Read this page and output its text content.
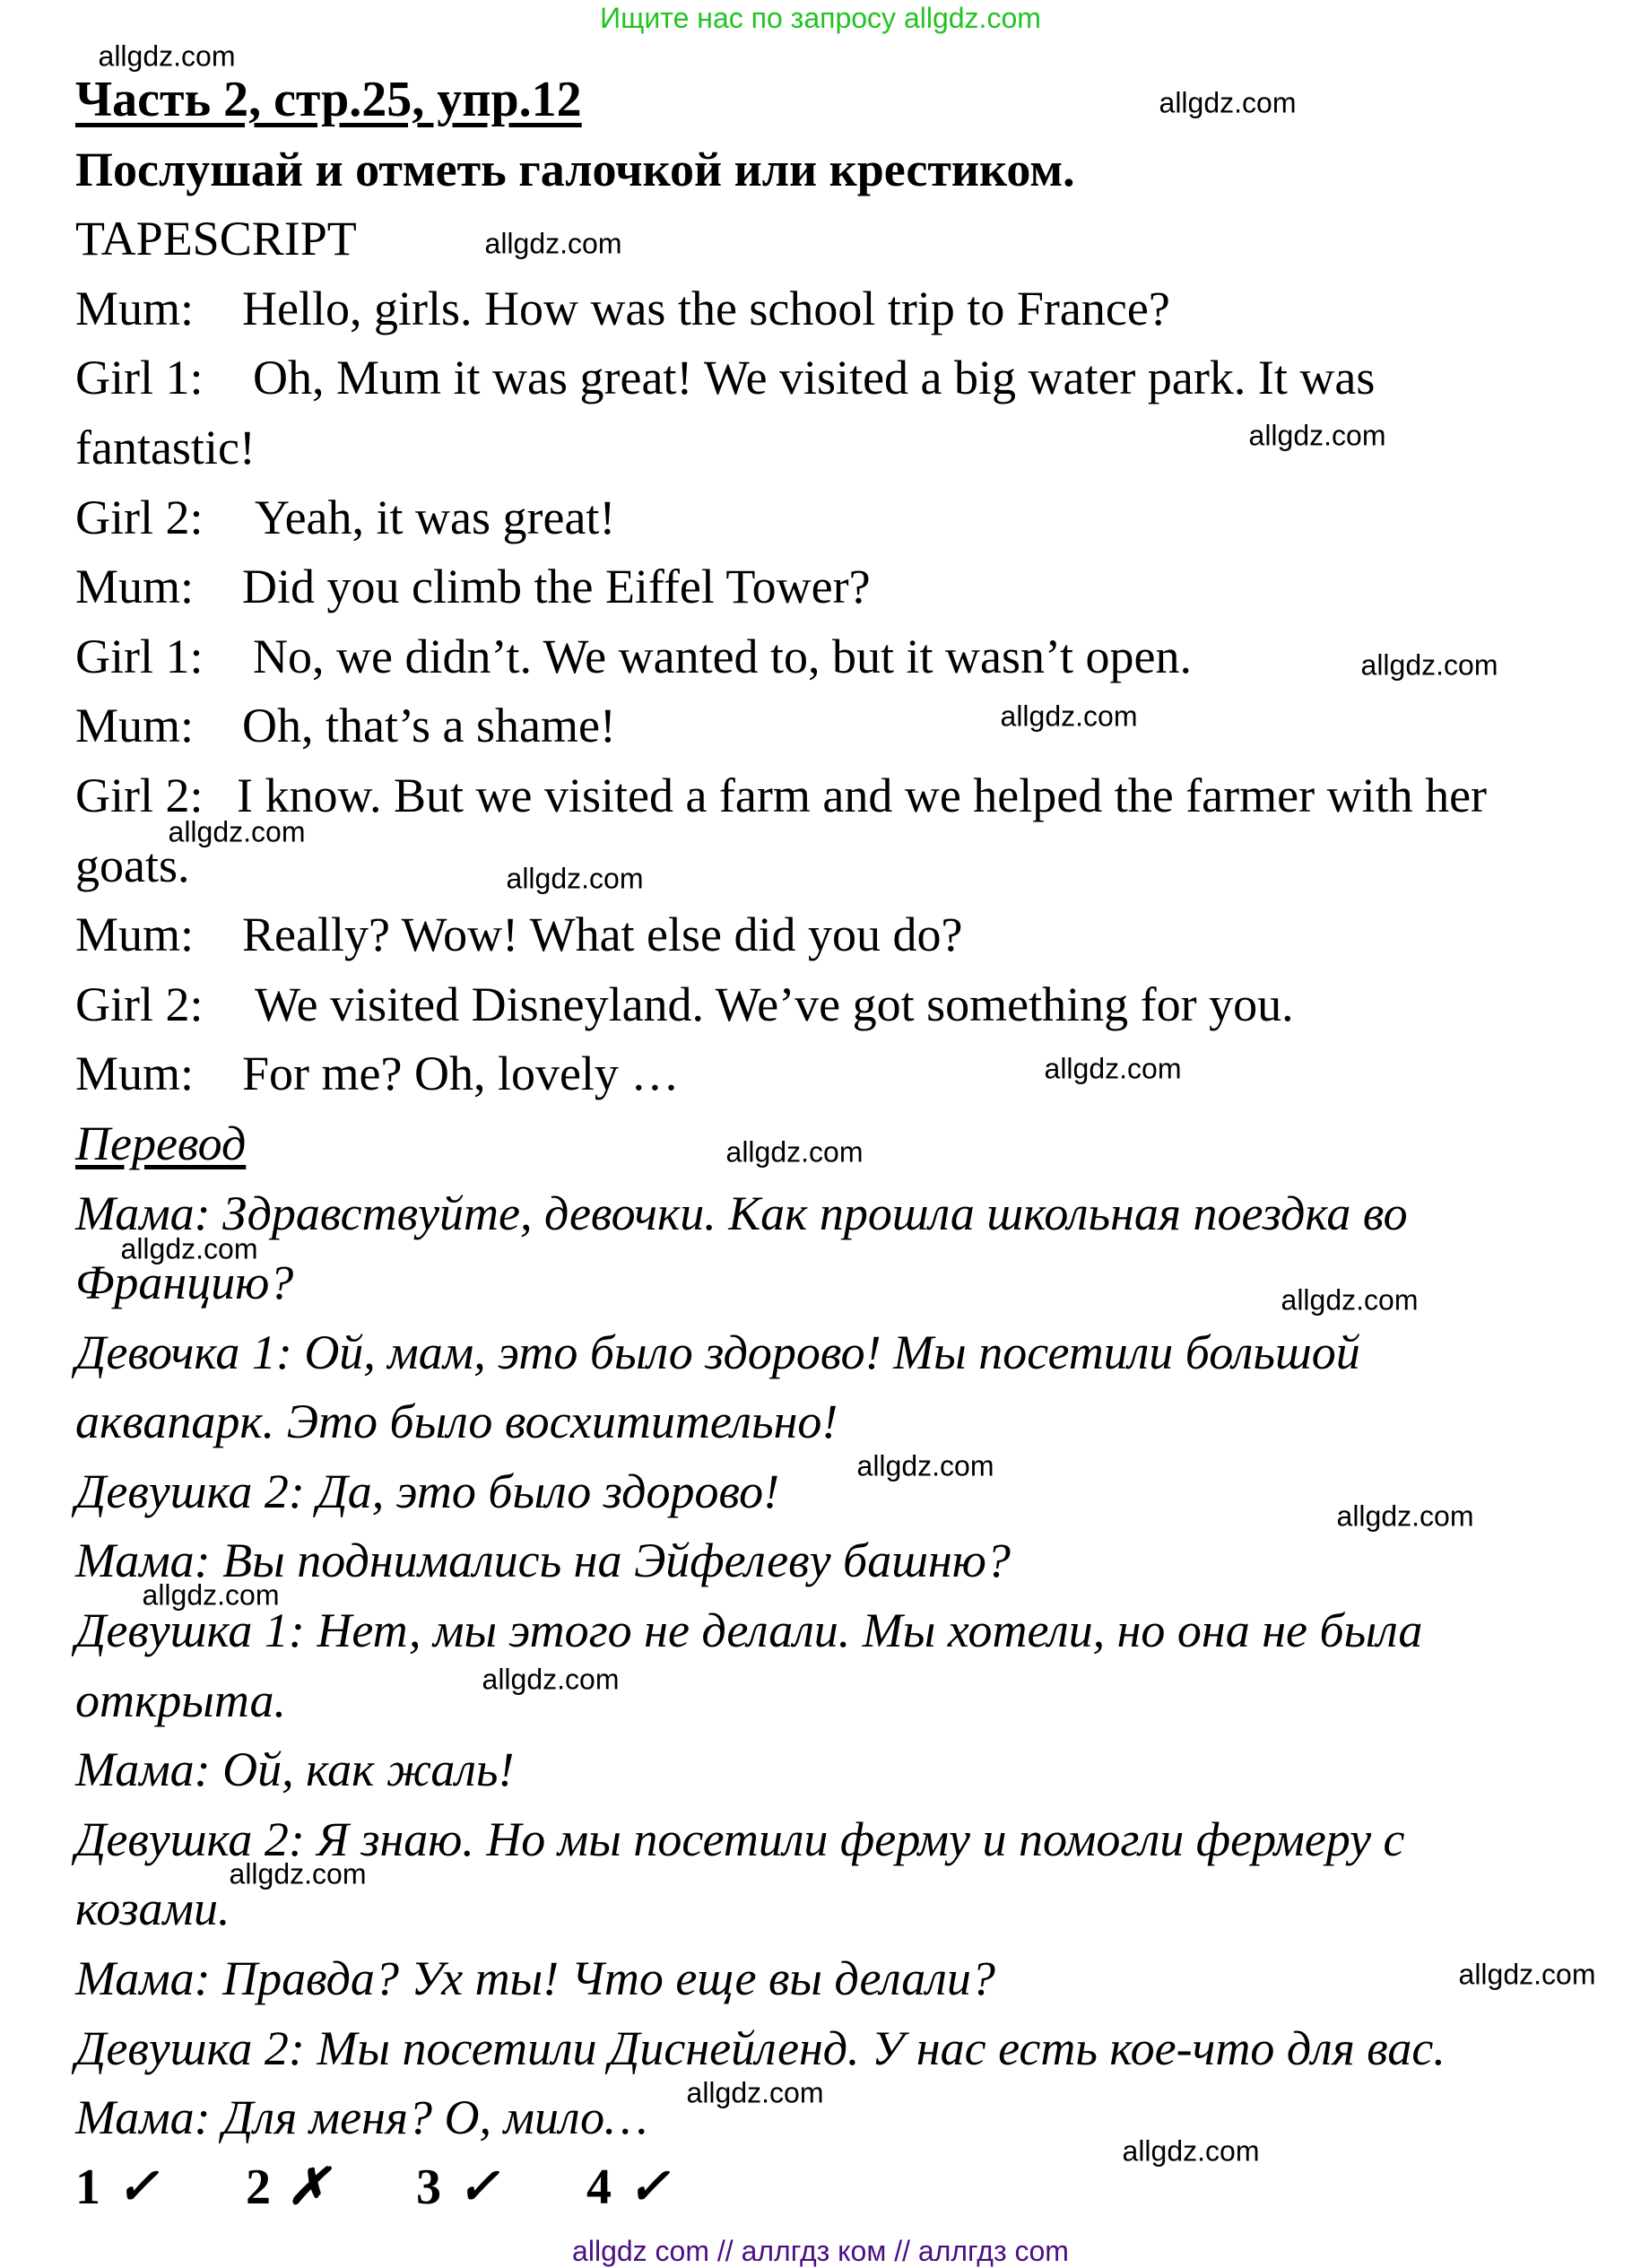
Ищите нас по запросу allgdz.com
Часть 2, стр.25, упр.12
Послушай и отметь галочкой или крестиком.
TAPESCRIPT
Mum: Hello, girls. How was the school trip to France?
Girl 1: Oh, Mum it was great! We visited a big water park. It was
fantastic!
Girl 2: Yeah, it was great!
Mum: Did you climb the Eiffel Tower?
Girl 1: No, we didn’t. We wanted to, but it wasn’t open.
Mum: Oh, that’s a shame!
Girl 2: I know. But we visited a farm and we helped the farmer with her
goats.
Mum: Really? Wow! What else did you do?
Girl 2: We visited Disneyland. We’ve got something for you.
Mum: For me? Oh, lovely …
Перевод
Мама: Здравствуйте, девочки. Как прошла школьная поездка во
Францию?
Девочка 1: Ой, мам, это было здорово! Мы посетили большой
аквапарк. Это было восхитительно!
Девушка 2: Да, это было здорово!
Мама: Вы поднимались на Эйфелеву башню?
Девушка 1: Нет, мы этого не делали. Мы хотели, но она не была
открыта.
Мама: Ой, как жаль!
Девушка 2: Я знаю. Но мы посетили ферму и помогли фермеру с
козами.
Мама: Правда? Ух ты! Что еще вы делали?
Девушка 2: Мы посетили Диснейленд. У нас есть кое-что для вас.
Мама: Для меня? О, мило…
1 ✓ 2 ✗ 3 ✓ 4 ✓
allgdz.com
allgdz.com
allgdz.com
allgdz.com
allgdz.com
allgdz.com
allgdz.com
allgdz.com
allgdz.com
allgdz.com
allgdz.com
allgdz.com
allgdz.com
allgdz.com
allgdz.com
allgdz.com
allgdz.com
allgdz.com
allgdz.com
allgdz.com
allgdz com // аллгдз ком // аллгдз com
